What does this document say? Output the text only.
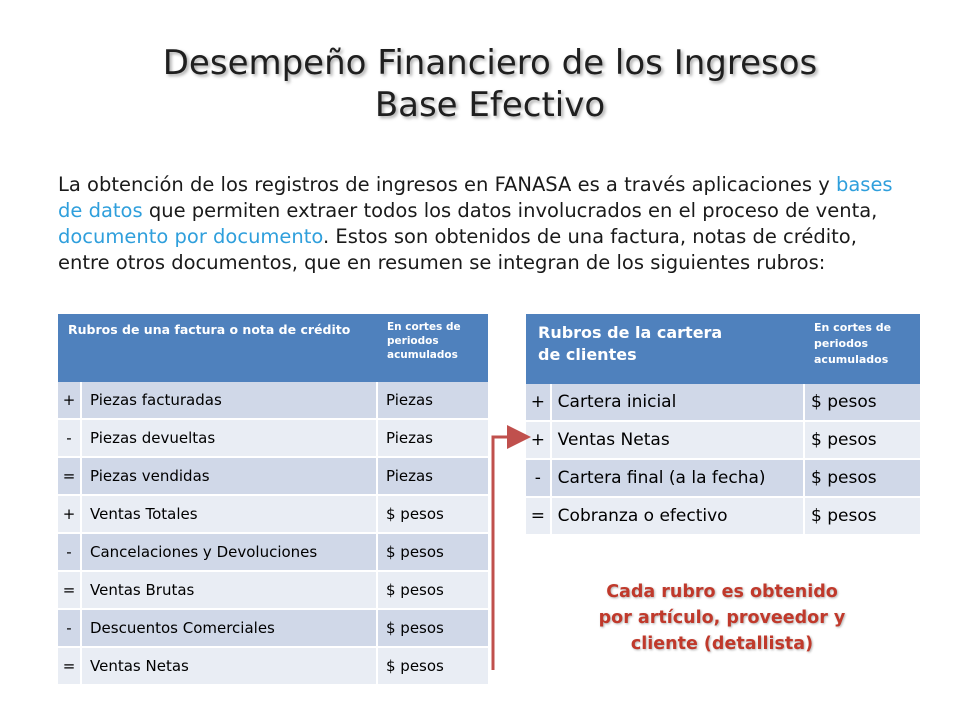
Desempeño Financiero de los Ingresos
Base Efectivo
La obtención de los registros de ingresos en FANASA es a través aplicaciones y bases de datos que permiten extraer todos los datos involucrados en el proceso de venta, documento por documento. Estos son obtenidos de una factura, notas de crédito, entre otros documentos, que en resumen se integran de los siguientes rubros:
Rubros de una factura o nota de crédito		En cortes de periodos acumulados
+	Piezas facturadas	Piezas
-	Piezas devueltas	Piezas
=	Piezas vendidas	Piezas
+	Ventas Totales	$ pesos
-	Cancelaciones y Devoluciones	$ pesos
=	Ventas Brutas	$ pesos
-	Descuentos Comerciales	$ pesos
=	Ventas Netas	$ pesos
Rubros de la cartera
de clientes		En cortes de periodos acumulados
+	Cartera inicial	$ pesos
+	Ventas Netas	$ pesos
-	Cartera final (a la fecha)	$ pesos
=	Cobranza o efectivo	$ pesos
Cada rubro es obtenido
por artículo, proveedor y
cliente (detallista)
